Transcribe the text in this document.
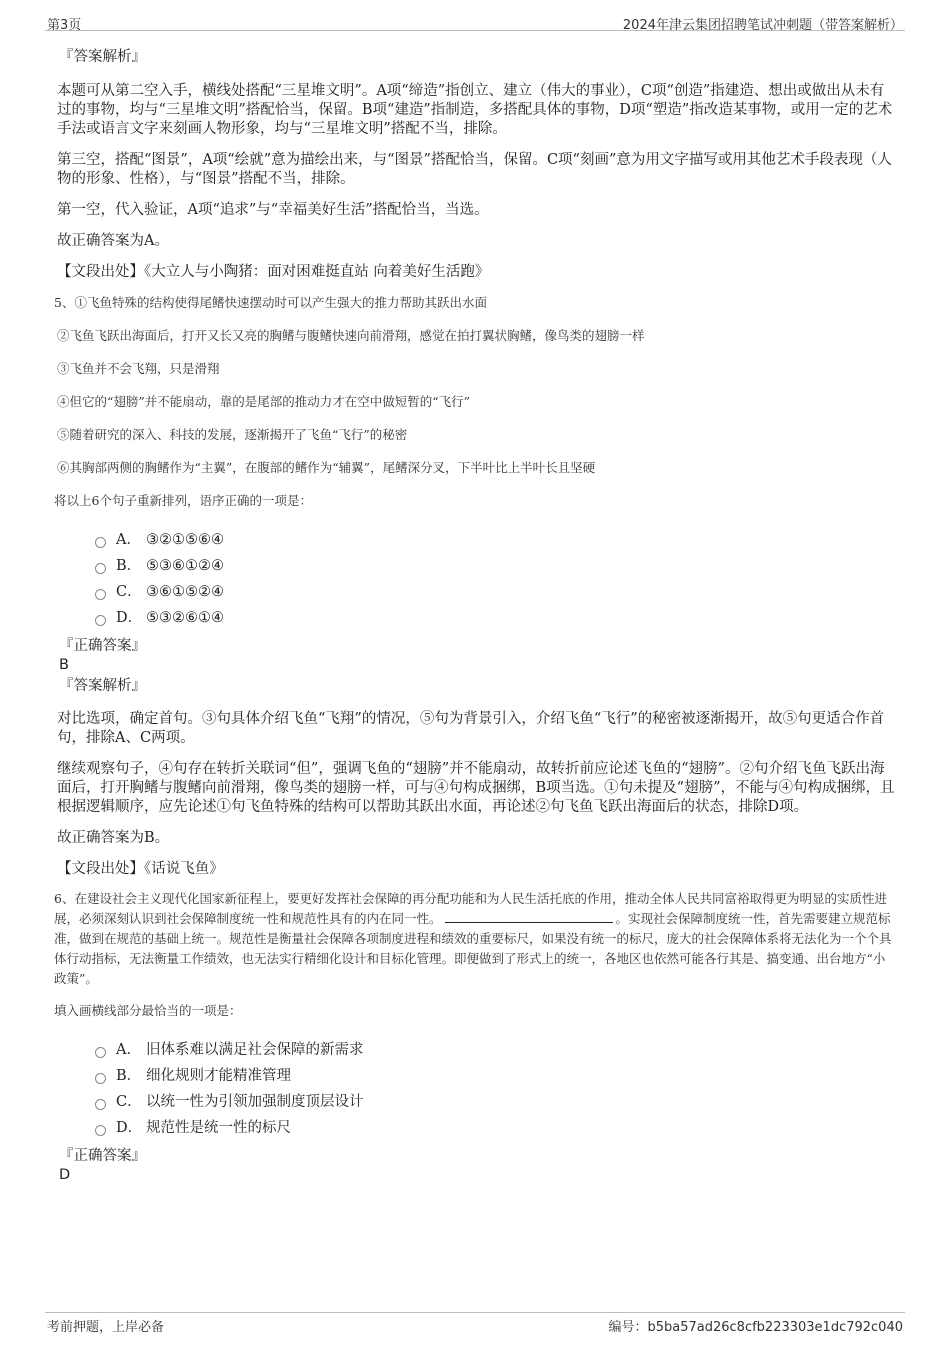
第3页	2024年津云集团招聘笔试冲刺题（带答案解析）
『答案解析』

本题可从第二空入手，横线处搭配“三星堆文明”。A项“缔造”指创立、建立（伟大的事业），C项“创造”指建造、想出或做出从未有过的事物，均与“三星堆文明”搭配恰当，保留。B项“建造”指制造，多搭配具体的事物，D项“塑造”指改造某事物，或用一定的艺术手法或语言文字来刻画人物形象，均与“三星堆文明”搭配不当，排除。

第三空，搭配“图景”，A项“绘就”意为描绘出来，与“图景”搭配恰当，保留。C项“刻画”意为用文字描写或用其他艺术手段表现（人物的形象、性格），与“图景”搭配不当，排除。

第一空，代入验证，A项“追求”与“幸福美好生活”搭配恰当，当选。

故正确答案为A。

【文段出处】《大立人与小陶猪：面对困难挺直站 向着美好生活跑》

5、①飞鱼特殊的结构使得尾鳍快速摆动时可以产生强大的推力帮助其跃出水面

②飞鱼飞跃出海面后，打开又长又亮的胸鳍与腹鳍快速向前滑翔，感觉在拍打翼状胸鳍，像鸟类的翅膀一样

③飞鱼并不会飞翔，只是滑翔

④但它的“翅膀”并不能扇动，靠的是尾部的推动力才在空中做短暂的“飞行”

⑤随着研究的深入、科技的发展，逐渐揭开了飞鱼“飞行”的秘密

⑥其胸部两侧的胸鳍作为“主翼”，在腹部的鳍作为“辅翼”，尾鳍深分叉，下半叶比上半叶长且坚硬

将以上6个句子重新排列，语序正确的一项是：

A． ③②①⑤⑥④
B． ⑤③⑥①②④
C． ③⑥①⑤②④
D． ⑤③②⑥①④
『正确答案』
B
『答案解析』

对比选项，确定首句。③句具体介绍飞鱼“飞翔”的情况，⑤句为背景引入，介绍飞鱼“飞行”的秘密被逐渐揭开，故⑤句更适合作首句，排除A、C两项。

继续观察句子，④句存在转折关联词“但”，强调飞鱼的“翅膀”并不能扇动，故转折前应论述飞鱼的“翅膀”。②句介绍飞鱼飞跃出海面后，打开胸鳍与腹鳍向前滑翔，像鸟类的翅膀一样，可与④句构成捆绑，B项当选。①句未提及“翅膀”，不能与④句构成捆绑，且根据逻辑顺序，应先论述①句飞鱼特殊的结构可以帮助其跃出水面，再论述②句飞鱼飞跃出海面后的状态，排除D项。

故正确答案为B。

【文段出处】《话说飞鱼》

6、在建设社会主义现代化国家新征程上，要更好发挥社会保障的再分配功能和为人民生活托底的作用，推动全体人民共同富裕取得更为明显的实质性进展，必须深刻认识到社会保障制度统一性和规范性具有的内在同一性。	。实现社会保障制度统一性，首先需要建立规范标准，做到在规范的基础上统一。规范性是衡量社会保障各项制度进程和绩效的重要标尺，如果没有统一的标尺，庞大的社会保障体系将无法化为一个个具体行动指标，无法衡量工作绩效，也无法实行精细化设计和目标化管理。即便做到了形式上的统一，各地区也依然可能各行其是、搞变通、出台地方“小政策”。

填入画横线部分最恰当的一项是：

A． 旧体系难以满足社会保障的新需求
B． 细化规则才能精准管理
C． 以统一性为引领加强制度顶层设计
D． 规范性是统一性的标尺
『正确答案』
D
考前押题，上岸必备	编号：b5ba57ad26c8cfb223303e1dc792c040
